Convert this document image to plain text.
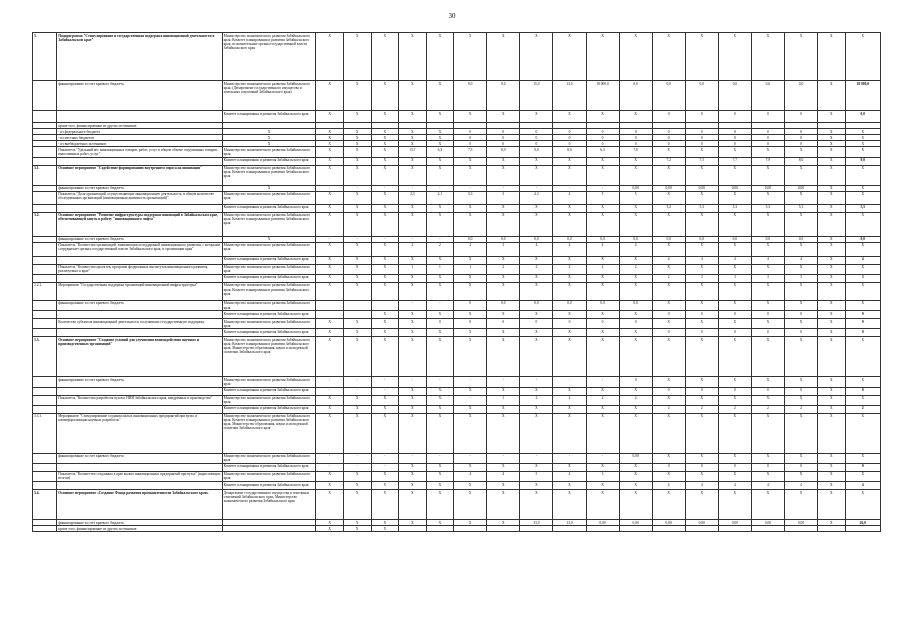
30
3.	Подпрограмма "Стимулирование и государственная поддержка инновационной деятельности в Забайкальском крае"	Министерство экономического развития Забайкальского края, Комитет планирования и развития Забайкальского края, исполнительные органы государственной власти Забайкальского края	Х	Х	Х	Х	Х	Х	Х	Х	Х	Х	Х	Х	Х	Х	Х	Х	Х	Х
	финансирование за счет краевого бюджета	Министерство экономического развития Забайкальского края, (Департамент государственного имущества и земельных отношений Забайкальского края)	Х	Х	Х	Х	Х	0,0	0,0	15,0	13,0	18 000,0	0,0	0,0	0,0	0,0	0,0	0,0	Х	18 000,0
		Комитет планирования и развития Забайкальского края	Х	Х	Х	Х	Х	Х	Х	Х	Х	Х	Х	0	0	0	0	0	Х	0,0
	кроме того, финансирование из других источников:																			
	- из федерального бюджета	Х	Х	Х	Х	Х	Х	0	0	0	0	0	0	0	0	0	0	0	Х	Х
	- из местных бюджетов	Х	Х	Х	Х	Х	Х	0	0	0	0	0	0	0	0	0	0	0	Х	Х
	- из внебюджетных источников	Х	Х	Х	Х	Х	Х	0	0	0	0	0	0	0	0	0	0	0	Х	Х
	Показатель "Удельный вес инновационных товаров, работ, услуг в общем объеме отгруженных товаров, выполненных работ, услуг"	Министерство экономического развития Забайкальского края	Х	Х	Х	13,7	6,3	7,3	8,9	9,0	8,0	6,3	7,0	Х	Х	Х	Х	Х	Х	Х
		Комитет планирования и развития Забайкальского края	Х	Х	Х	Х	Х	Х	Х	Х	Х	Х	Х	7,2	7,5	7,7	7,9	8,0	Х	9,0
3.1.	Основное мероприятие "Содействие формированию внутреннего спроса на инновации"	Министерство экономического развития Забайкальского края, Комитет планирования и развития Забайкальского края	Х	Х	Х	Х	Х	Х	Х	Х	Х	Х	Х	Х	Х	Х	Х	Х	Х	Х
	финансирование за счет краевого бюджета	Х	-	-	-	-	-	-	-	-	-	-	0,00	0,00	0,00	0,00	0,00	0,00	Х	Х
	Показатель "Доля организаций, осуществляющих инновационную деятельность, в общем количестве обследованных организаций (инновационная активность организаций)"	Министерство экономического развития Забайкальского края	Х	Х	Х	2,3	2,1	5,3	3	4,3	4	5	5	Х	Х	Х	Х	Х	Х	Х
		Комитет планирования и развития Забайкальского края	Х	Х	Х	Х	Х	Х	Х	Х	Х	Х	Х	5,2	5,3	5,3	5,3	5,3	Х	5,5
3.2.	Основное мероприятие "Развитие инфраструктуры поддержки инноваций в Забайкальском крае, обеспечивающей запуск в работу "инновационного лифта"	Министерство экономического развития Забайкальского края, Комитет планирования и развития Забайкальского края	Х	Х	Х	Х	Х	Х	Х	Х	Х	Х	Х	Х	Х	Х	Х	Х	Х	Х
	финансирование за счет краевого бюджета	Х	-	-	-	-	-	0,0	0,0	0,0	0,0	0,0	0,0	0,0	0,0	0,0	0,0	0,0	Х	0,0
	Показатель "Количество организаций, занимающихся поддержкой инновационного развития, с которыми сотрудничает органы государственной власти Забайкальского края, и организации края"	Министерство экономического развития Забайкальского края	Х	Х	Х	2	2	2	3	4	4	4	4	Х	Х	Х	Х	Х	Х	Х
		Комитет планирования и развития Забайкальского края	Х	Х	Х	Х	Х	Х	Х	Х	Х	Х	Х	4	4	4	4	4	Х	4
	Показатель "Количество проектов, программ федеральных институтов инновационного развития, реализуемых в крае"	Министерство экономического развития Забайкальского края	Х	Х	Х	1	1	1	2	2	2	2	2	Х	Х	Х	Х	Х	Х	Х
		Комитет планирования и развития Забайкальского края	Х	Х	Х	Х	Х	Х	Х	Х	Х	Х	Х	2	3	3	3	3	Х	3
3.2.1.	Мероприятие "Государственная поддержка организаций инновационной инфраструктуры"	Министерство экономического развития Забайкальского края, Комитет планирования и развития Забайкальского края	Х	Х	Х	Х	Х	Х	Х	Х	Х	Х	Х	Х	Х	Х	Х	Х	Х	Х
	финансирование за счет краевого бюджета	Министерство экономического развития Забайкальского края				-	-	0	0,0	0,0	0,0	0,0	0,0	Х	Х	Х	Х	Х	Х	Х
		Комитет планирования и развития Забайкальского края			Х	Х	Х	Х	Х	Х	Х	Х	Х	0	0	0	0	0	Х	0
	Количество субъектов инновационной деятельности, получивших государственную поддержку	Министерство экономического развития Забайкальского края	Х	Х	Х	Х	0	0	0	0	0	0	0	Х	Х	Х	Х	Х	Х	0
		Комитет планирования и развития Забайкальского края	Х	Х	Х	Х	Х	Х	Х	Х	Х	Х	Х	0	0	0	0	0	Х	0
3.3.	Основное мероприятие "Создание условий для улучшения взаимодействия научных и производственных организаций"	Министерство экономического развития Забайкальского края, Комитет планирования и развития Забайкальского края, Министерство образования, науки и молодежной политики Забайкальского края	Х	Х	Х	Х	Х	Х	Х	Х	Х	Х	Х	Х	Х	Х	Х	Х	Х	Х
	финансирование за счет краевого бюджета	Министерство экономического развития Забайкальского края	-	-	-	-	-	-	-	-	-	-	0	Х	Х	Х	Х	Х	Х	Х
		Комитет планирования и развития Забайкальского края	-	-	-	Х	Х	Х	Х	Х	Х	Х	Х	0	0	0	0	0	Х	0
	Показатель "Количество разработок вузов и НИИ Забайкальского края, внедренных в производство"	Министерство экономического развития Забайкальского края	Х	Х	Х	Х	Х	-	1	2	2	2	2	Х	Х	Х	Х	Х	Х	Х
		Комитет планирования и развития Забайкальского края	Х	Х	Х	Х	Х	Х	Х	Х	Х	Х	Х	2	2	2	2	2	Х	2
3.3.1.	Мероприятие "Стимулирование создания малых инновационных предприятий при вузах и коммерциализации научных разработок"	Министерство экономического развития Забайкальского края, Комитет планирования и развития Забайкальского края, Министерство образования, науки и молодежной политики Забайкальского края	Х	Х	Х	Х	Х	Х	Х	Х	Х	Х	Х	Х	Х	Х	Х	Х	Х	Х
	финансирование за счет краевого бюджета	Министерство экономического развития Забайкальского края	-	-	-	-	-	-	-	-	-	-	0,00	Х	Х	Х	Х	Х	Х	Х
		Комитет планирования и развития Забайкальского края	-	-	-	Х	Х	Х	Х	Х	Х	Х	Х	0	0	0	0	0	Х	0
	Показатель "Количество созданных в крае малых инновационных предприятий при вузах" (нарастающим итогом)	Министерство экономического развития Забайкальского края	Х	Х	Х	Х	Х	4	4	5	4	3	Х	Х	Х	Х	Х	Х	Х	Х
		Комитет планирования и развития Забайкальского края	Х	Х	Х	Х	Х	Х	Х	Х	Х	Х	Х	4	4	4	4	4	Х	4
3.4.	Основное мероприятие «Создание Фонда развития промышленности Забайкальского края»	Департамент государственного имущества и земельных отношений Забайкальского края; Министерство экономического развития Забайкальского края	Х	Х	Х	Х	Х	Х	Х	Х	Х	Х	Х	Х	Х	Х	Х	Х	Х	Х
	финансирование за счет краевого бюджета		Х	Х	Х	Х	Х	Х	Х	13,0	13,0	0,00	0,00	0,00	0,00	0,00	0,00	0,00	Х	26,0
	кроме того, финансирование из других источников:		Х	Х	Х															
